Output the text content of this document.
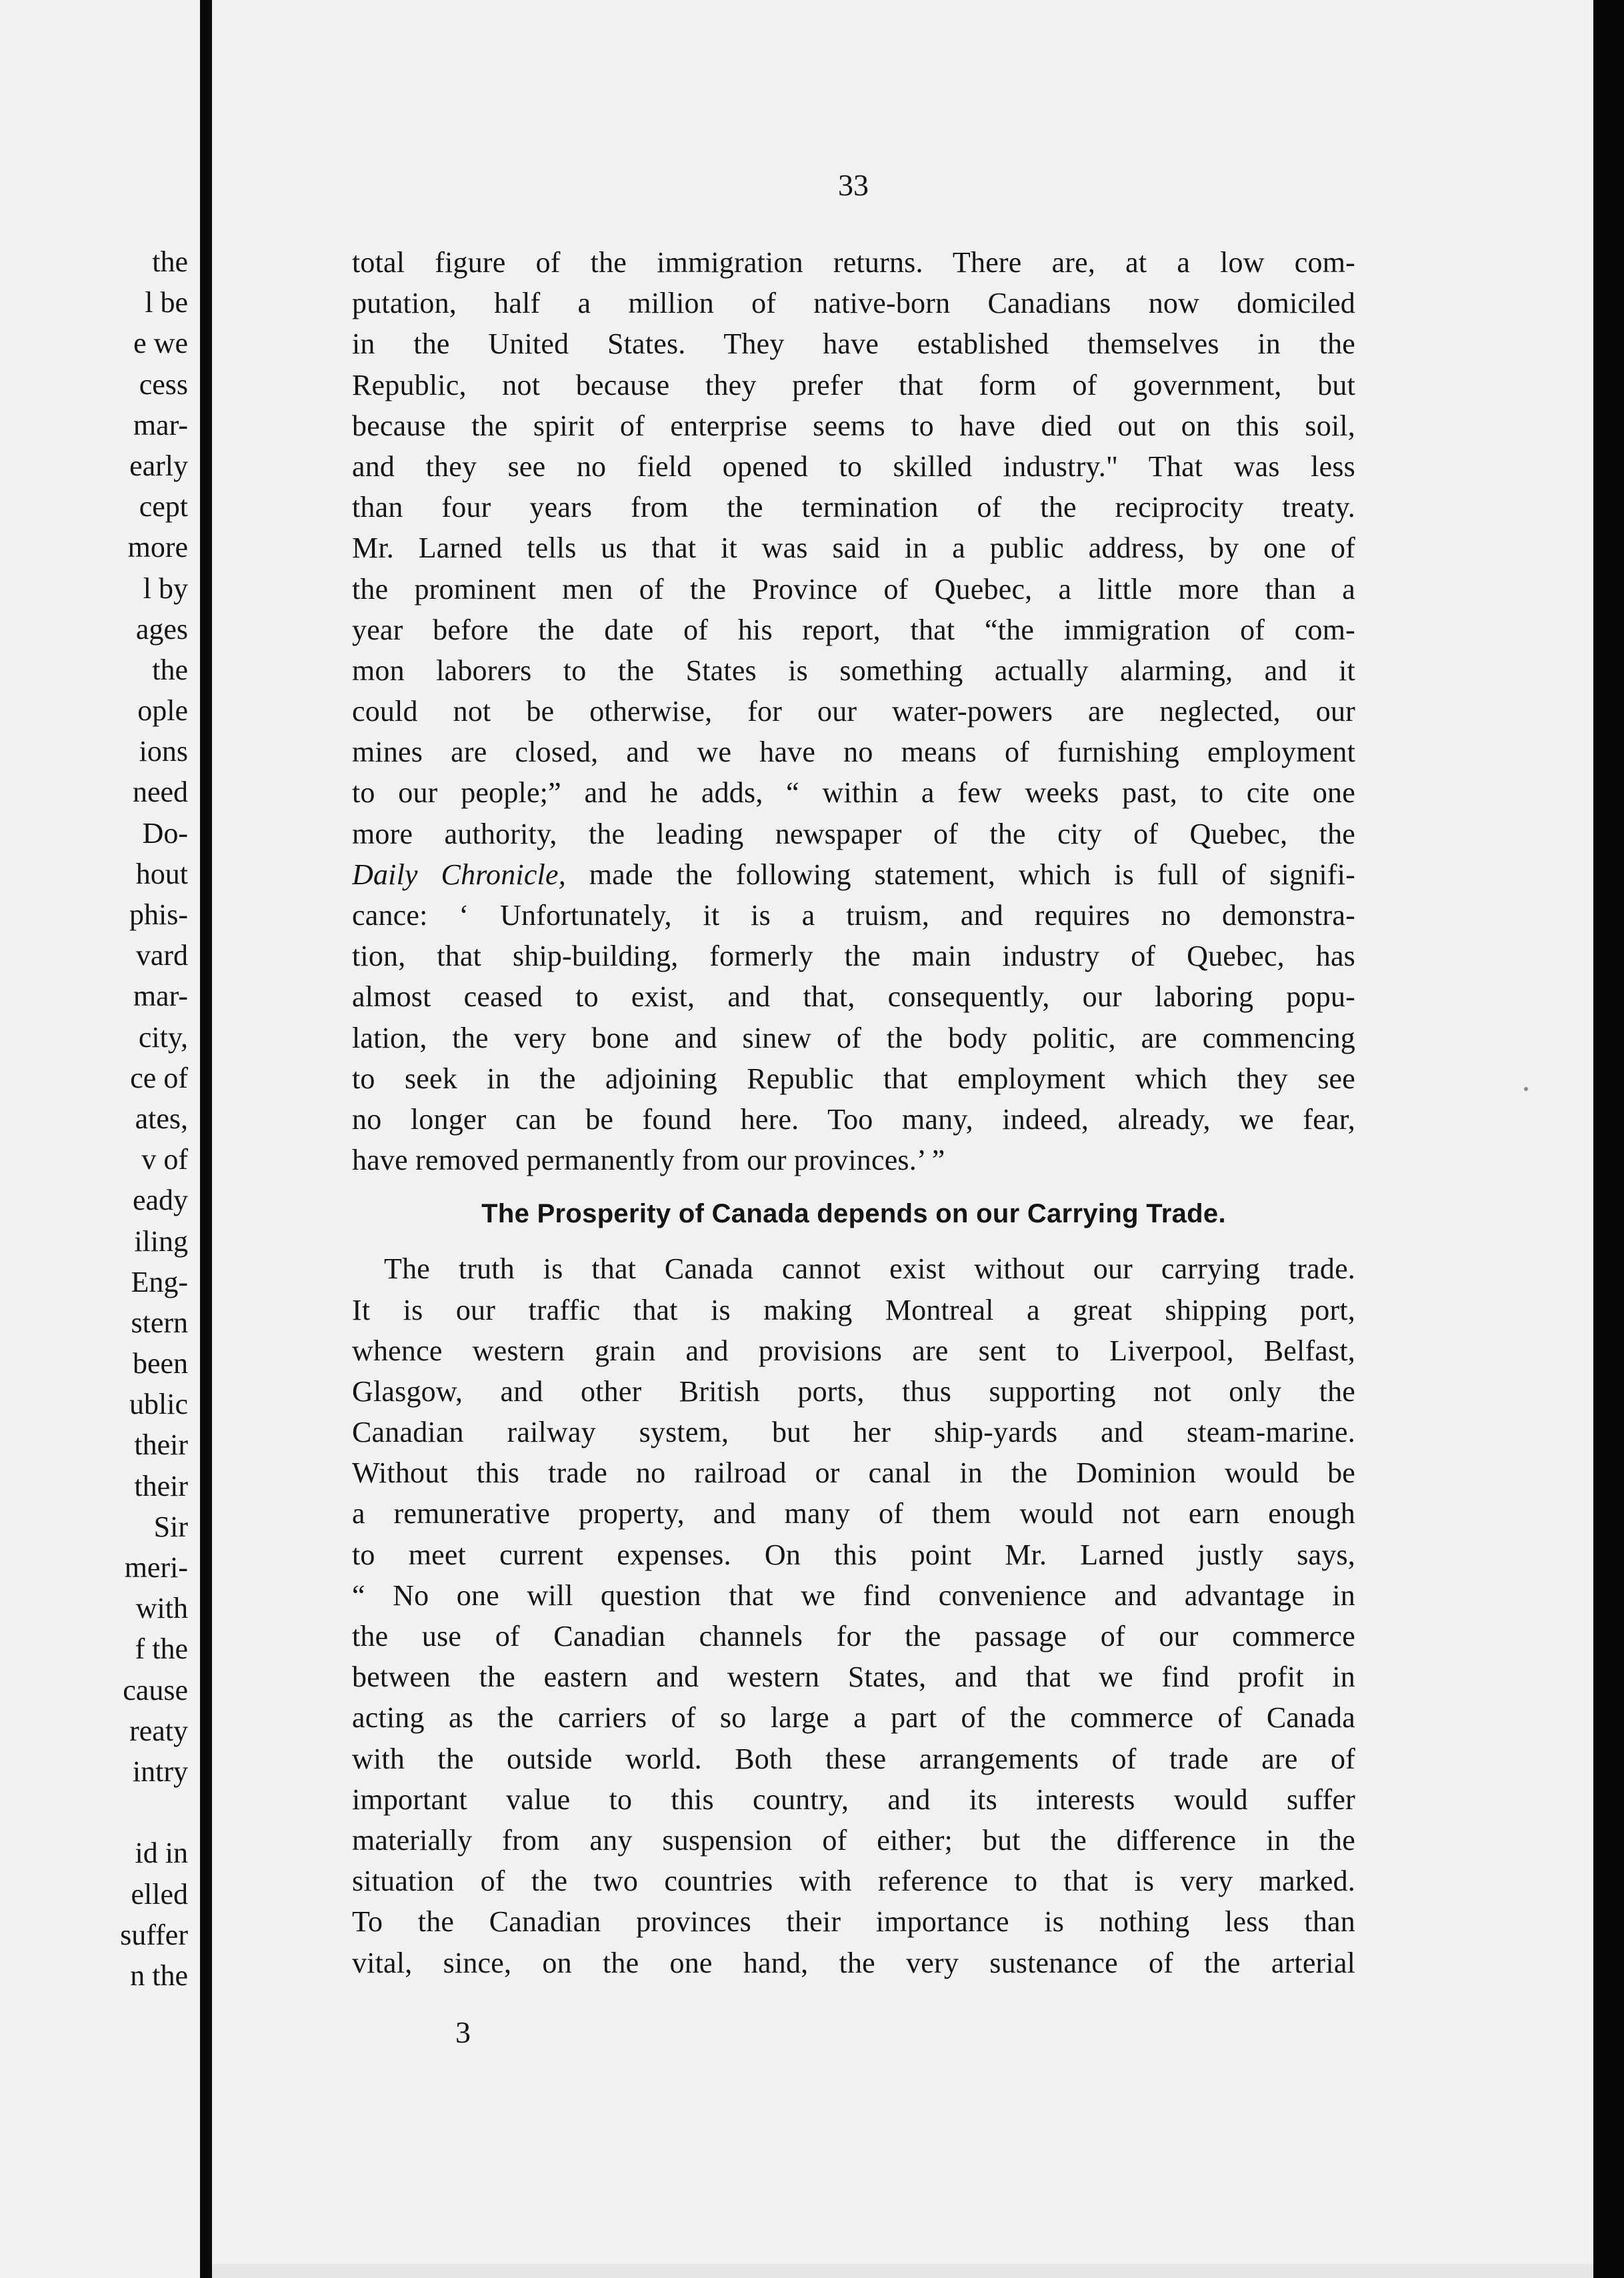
the
l be
e we
cess
mar-
early
cept
more
l by
ages
the
ople
ions
need
Do-
hout
phis-
vard
mar-
city,
ce of
ates,
v of
eady
iling
Eng-
stern
been
ublic
their
their
Sir
meri-
with
f the
cause
reaty
intry
id in
elled
suffer
n the
33
total figure of the immigration returns. There are, at a low com-
putation, half a million of native-born Canadians now domiciled
in the United States. They have established themselves in the
Republic, not because they prefer that form of government, but
because the spirit of enterprise seems to have died out on this soil,
and they see no field opened to skilled industry." That was less
than four years from the termination of the reciprocity treaty.
Mr. Larned tells us that it was said in a public address, by one of
the prominent men of the Province of Quebec, a little more than a
year before the date of his report, that “the immigration of com-
mon laborers to the States is something actually alarming, and it
could not be otherwise, for our water-powers are neglected, our
mines are closed, and we have no means of furnishing employment
to our people;” and he adds, “ within a few weeks past, to cite one
more authority, the leading newspaper of the city of Quebec, the
Daily Chronicle, made the following statement, which is full of signifi-
cance: ‘ Unfortunately, it is a truism, and requires no demonstra-
tion, that ship-building, formerly the main industry of Quebec, has
almost ceased to exist, and that, consequently, our laboring popu-
lation, the very bone and sinew of the body politic, are commencing
to seek in the adjoining Republic that employment which they see
no longer can be found here. Too many, indeed, already, we fear,
have removed permanently from our provinces.’ ”
The Prosperity of Canada depends on our Carrying Trade.
The truth is that Canada cannot exist without our carrying trade.
It is our traffic that is making Montreal a great shipping port,
whence western grain and provisions are sent to Liverpool, Belfast,
Glasgow, and other British ports, thus supporting not only the
Canadian railway system, but her ship-yards and steam-marine.
Without this trade no railroad or canal in the Dominion would be
a remunerative property, and many of them would not earn enough
to meet current expenses. On this point Mr. Larned justly says,
“ No one will question that we find convenience and advantage in
the use of Canadian channels for the passage of our commerce
between the eastern and western States, and that we find profit in
acting as the carriers of so large a part of the commerce of Canada
with the outside world. Both these arrangements of trade are of
important value to this country, and its interests would suffer
materially from any suspension of either; but the difference in the
situation of the two countries with reference to that is very marked.
To the Canadian provinces their importance is nothing less than
vital, since, on the one hand, the very sustenance of the arterial
3
